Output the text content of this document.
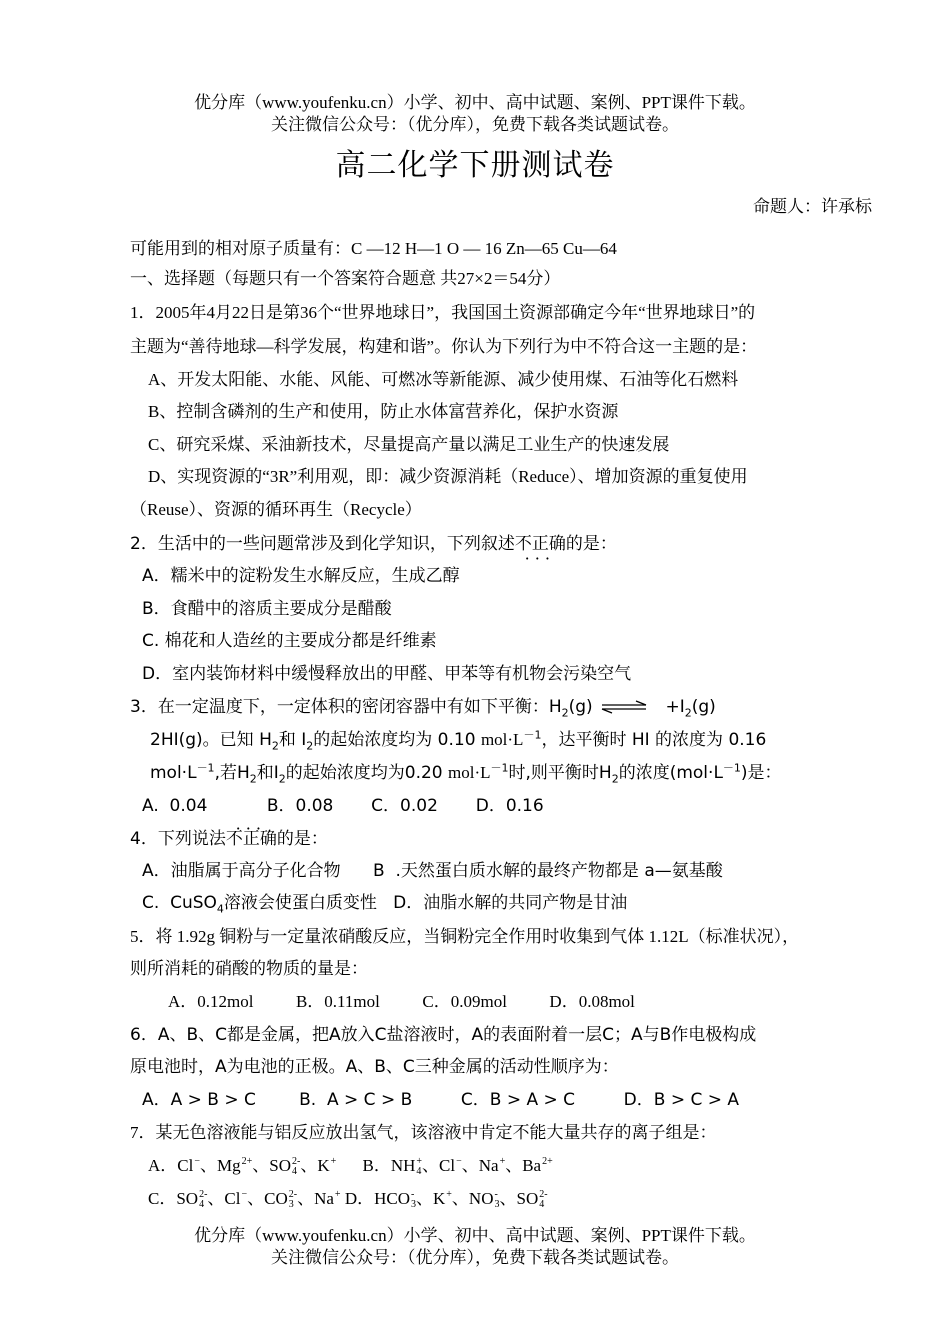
优分库（www.youfenku.cn）小学、初中、高中试题、案例、PPT课件下载。
关注微信公众号：（优分库），免费下载各类试题试卷。
高二化学下册测试卷
命题人：许承标
可能用到的相对原子质量有：C —12 H—1 O — 16 Zn—65 Cu—64
一、选择题（每题只有一个答案符合题意 共27×2＝54分）
1．2005年4月22日是第36个“世界地球日”，我国国土资源部确定今年“世界地球日”的
主题为“善待地球—科学发展，构建和谐”。你认为下列行为中不符合这一主题的是：
A、开发太阳能、水能、风能、可燃冰等新能源、减少使用煤、石油等化石燃料
B、控制含磷剂的生产和使用，防止水体富营养化，保护水资源
C、研究采煤、采油新技术，尽量提高产量以满足工业生产的快速发展
D、实现资源的“3R”利用观，即：减少资源消耗（Reduce）、增加资源的重复使用
（Reuse）、资源的循环再生（Recycle）
2．生活中的一些问题常涉及到化学知识，下列叙述不正确 •••的是：
A．糯米中的淀粉发生水解反应，生成乙醇
B．食醋中的溶质主要成分是醋酸
C. 棉花和人造丝的主要成分都是纤维素
D．室内装饰材料中缓慢释放出的甲醛、甲苯等有机物会污染空气
3．在一定温度下，一定体积的密闭容器中有如下平衡：$H_2(g)$ ⇌ $+I_2(g)$
2HI(g)。已知 $H_2$和 $I_2$的起始浓度均为 0.10 $mol\cdot L^{-1}$，达平衡时 HI 的浓度为 0.16
$mol\cdot L^{-1}$,若$H_2$和$I_2$的起始浓度均为0.20 $mol\cdot L^{-1}$时,则平衡时$H_2$的浓度$(mol\cdot L^{-1})$是：
A.  0.04           B．0.08       C．0.02       D．0.16
4．下列说法不正确 •••的是：
A．油脂属于高分子化合物      B  .天然蛋白质水解的最终产物都是 a—氨基酸
C.  CuSO$_4$溶液会使蛋白质变性   D．油脂水解的共同产物是甘油
5．将 1.92g 铜粉与一定量浓硝酸反应，当铜粉完全作用时收集到气体 1.12L（标准状况），
则所消耗的硝酸的物质的量是：
A．0.12mol          B．0.11mol          C．0.09mol          D．0.08mol
6．A、B、C都是金属，把A放入C盐溶液时，A的表面附着一层C；A与B作电极构成
原电池时，A为电池的正极。A、B、C三种金属的活动性顺序为：
A．A > B > C        B.  A > C > B         C．B > A > C         D．B > C > A
7．某无色溶液能与铝反应放出氢气，该溶液中肯定不能大量共存的离子组是：
A．Cl −
、Mg 2+
、SO 2-
4 、K +
B．NH +
4 、Cl −
、Na +
、Ba 2+

C．SO 2-
4 、Cl −
、CO 2-
3 、Na +
D．HCO -
3 、K +
、NO -
3 、SO 2-
4
优分库（www.youfenku.cn）小学、初中、高中试题、案例、PPT课件下载。
关注微信公众号：（优分库），免费下载各类试题试卷。
